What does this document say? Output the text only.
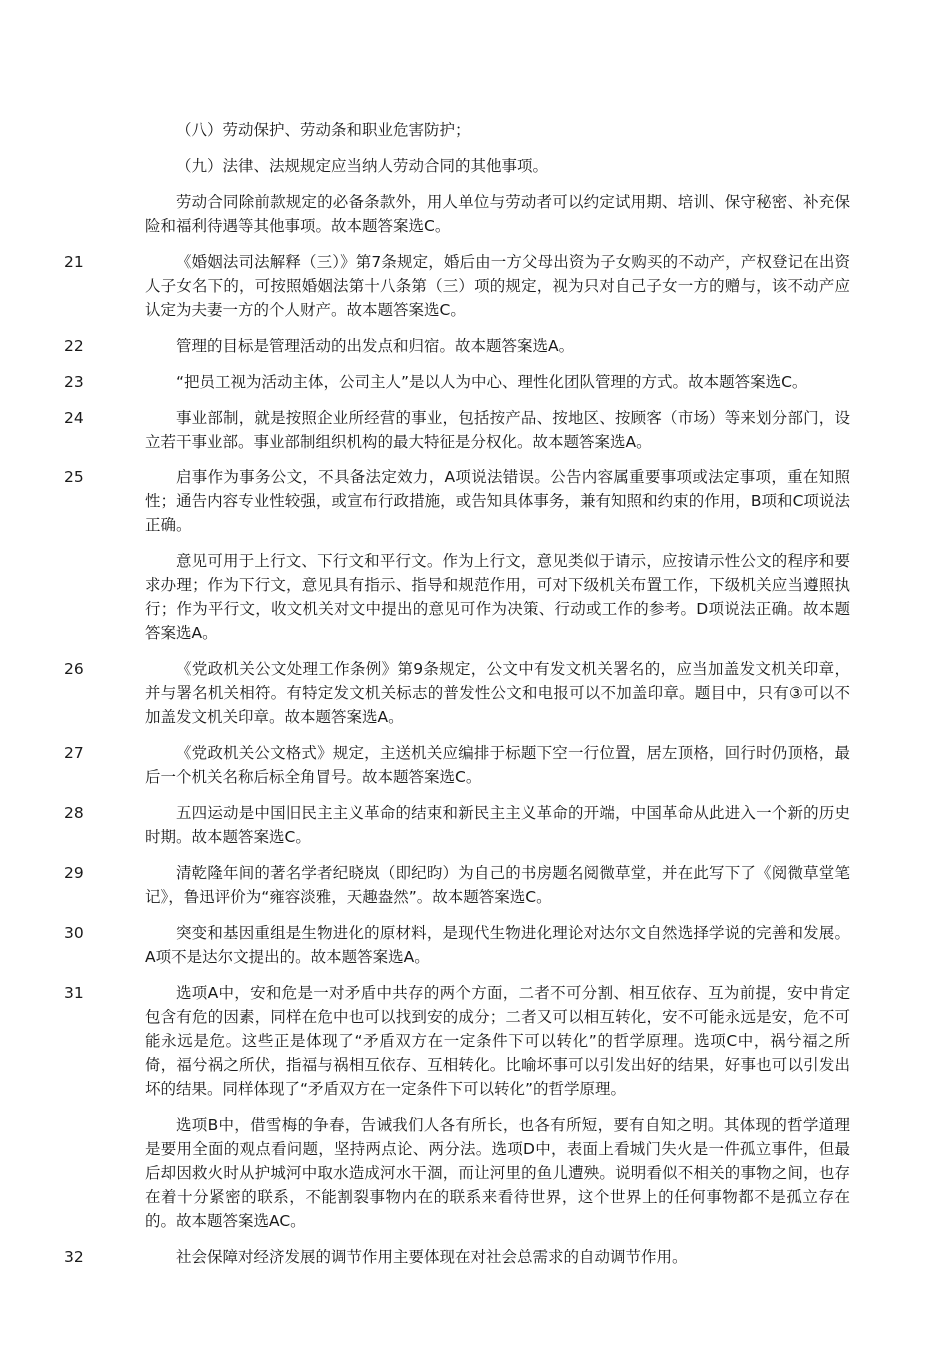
（八）劳动保护、劳动条和职业危害防护；
（九）法律、法规规定应当纳人劳动合同的其他事项。
劳动合同除前款规定的必备条款外，用人单位与劳动者可以约定试用期、培训、保守秘密、补充保险和福利待遇等其他事项。故本题答案选C。
21	《婚姻法司法解释（三）》第7条规定，婚后由一方父母出资为子女购买的不动产，产权登记在出资人子女名下的，可按照婚姻法第十八条第（三）项的规定，视为只对自己子女一方的赠与，该不动产应认定为夫妻一方的个人财产。故本题答案选C。
22	管理的目标是管理活动的出发点和归宿。故本题答案选A。
23	“把员工视为活动主体，公司主人”是以人为中心、理性化团队管理的方式。故本题答案选C。
24	事业部制，就是按照企业所经营的事业，包括按产品、按地区、按顾客（市场）等来划分部门，设立若干事业部。事业部制组织机构的最大特征是分权化。故本题答案选A。
25	启事作为事务公文，不具备法定效力，A项说法错误。公告内容属重要事项或法定事项，重在知照性；通告内容专业性较强，或宣布行政措施，或告知具体事务，兼有知照和约束的作用，B项和C项说法正确。
意见可用于上行文、下行文和平行文。作为上行文，意见类似于请示，应按请示性公文的程序和要求办理；作为下行文，意见具有指示、指导和规范作用，可对下级机关布置工作，下级机关应当遵照执行；作为平行文，收文机关对文中提出的意见可作为决策、行动或工作的参考。D项说法正确。故本题答案选A。
26	《党政机关公文处理工作条例》第9条规定，公文中有发文机关署名的，应当加盖发文机关印章，并与署名机关相符。有特定发文机关标志的普发性公文和电报可以不加盖印章。题目中，只有③可以不加盖发文机关印章。故本题答案选A。
27	《党政机关公文格式》规定，主送机关应编排于标题下空一行位置，居左顶格，回行时仍顶格，最后一个机关名称后标全角冒号。故本题答案选C。
28	五四运动是中国旧民主主义革命的结束和新民主主义革命的开端，中国革命从此进入一个新的历史时期。故本题答案选C。
29	清乾隆年间的著名学者纪晓岚（即纪昀）为自己的书房题名阅微草堂，并在此写下了《阅微草堂笔记》，鲁迅评价为“雍容淡雅，天趣盎然”。故本题答案选C。
30	突变和基因重组是生物进化的原材料，是现代生物进化理论对达尔文自然选择学说的完善和发展。A项不是达尔文提出的。故本题答案选A。
31	选项A中，安和危是一对矛盾中共存的两个方面，二者不可分割、相互依存、互为前提，安中肯定包含有危的因素，同样在危中也可以找到安的成分；二者又可以相互转化，安不可能永远是安，危不可能永远是危。这些正是体现了“矛盾双方在一定条件下可以转化”的哲学原理。选项C中，祸兮福之所倚，福兮祸之所伏，指福与祸相互依存、互相转化。比喻坏事可以引发出好的结果，好事也可以引发出坏的结果。同样体现了“矛盾双方在一定条件下可以转化”的哲学原理。
选项B中，借雪梅的争春，告诫我们人各有所长，也各有所短，要有自知之明。其体现的哲学道理是要用全面的观点看问题，坚持两点论、两分法。选项D中，表面上看城门失火是一件孤立事件，但最后却因救火时从护城河中取水造成河水干涸，而让河里的鱼儿遭殃。说明看似不相关的事物之间，也存在着十分紧密的联系，不能割裂事物内在的联系来看待世界，这个世界上的任何事物都不是孤立存在的。故本题答案选AC。
32	社会保障对经济发展的调节作用主要体现在对社会总需求的自动调节作用。
